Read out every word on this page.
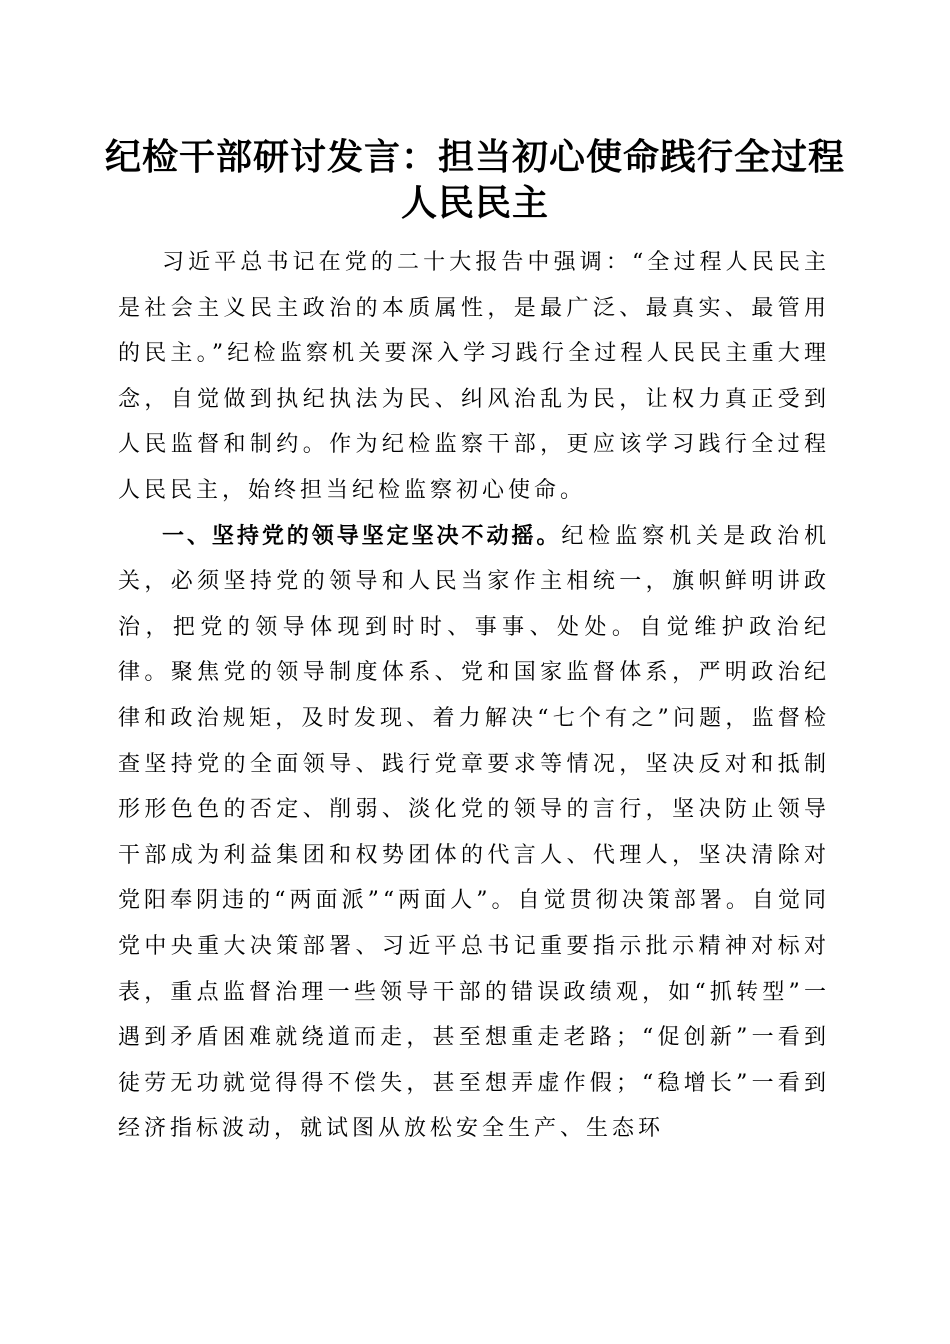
纪检干部研讨发言：担当初心使命践行全过程
人民民主

习近平总书记在党的二十大报告中强调：“全过程人民民主是社会主义民主政治的本质属性，是最广泛、最真实、最管用的民主。”纪检监察机关要深入学习践行全过程人民民主重大理念，自觉做到执纪执法为民、纠风治乱为民，让权力真正受到人民监督和制约。作为纪检监察干部，更应该学习践行全过程人民民主，始终担当纪检监察初心使命。

一、坚持党的领导坚定坚决不动摇。纪检监察机关是政治机关，必须坚持党的领导和人民当家作主相统一，旗帜鲜明讲政治，把党的领导体现到时时、事事、处处。自觉维护政治纪律。聚焦党的领导制度体系、党和国家监督体系，严明政治纪律和政治规矩，及时发现、着力解决“七个有之”问题，监督检查坚持党的全面领导、践行党章要求等情况，坚决反对和抵制形形色色的否定、削弱、淡化党的领导的言行，坚决防止领导干部成为利益集团和权势团体的代言人、代理人，坚决清除对党阳奉阴违的“两面派”“两面人”。自觉贯彻决策部署。自觉同党中央重大决策部署、习近平总书记重要指示批示精神对标对表，重点监督治理一些领导干部的错误政绩观，如“抓转型”一遇到矛盾困难就绕道而走，甚至想重走老路；“促创新”一看到徒劳无功就觉得得不偿失，甚至想弄虚作假；“稳增长”一看到经济指标波动，就试图从放松安全生产、生态环
